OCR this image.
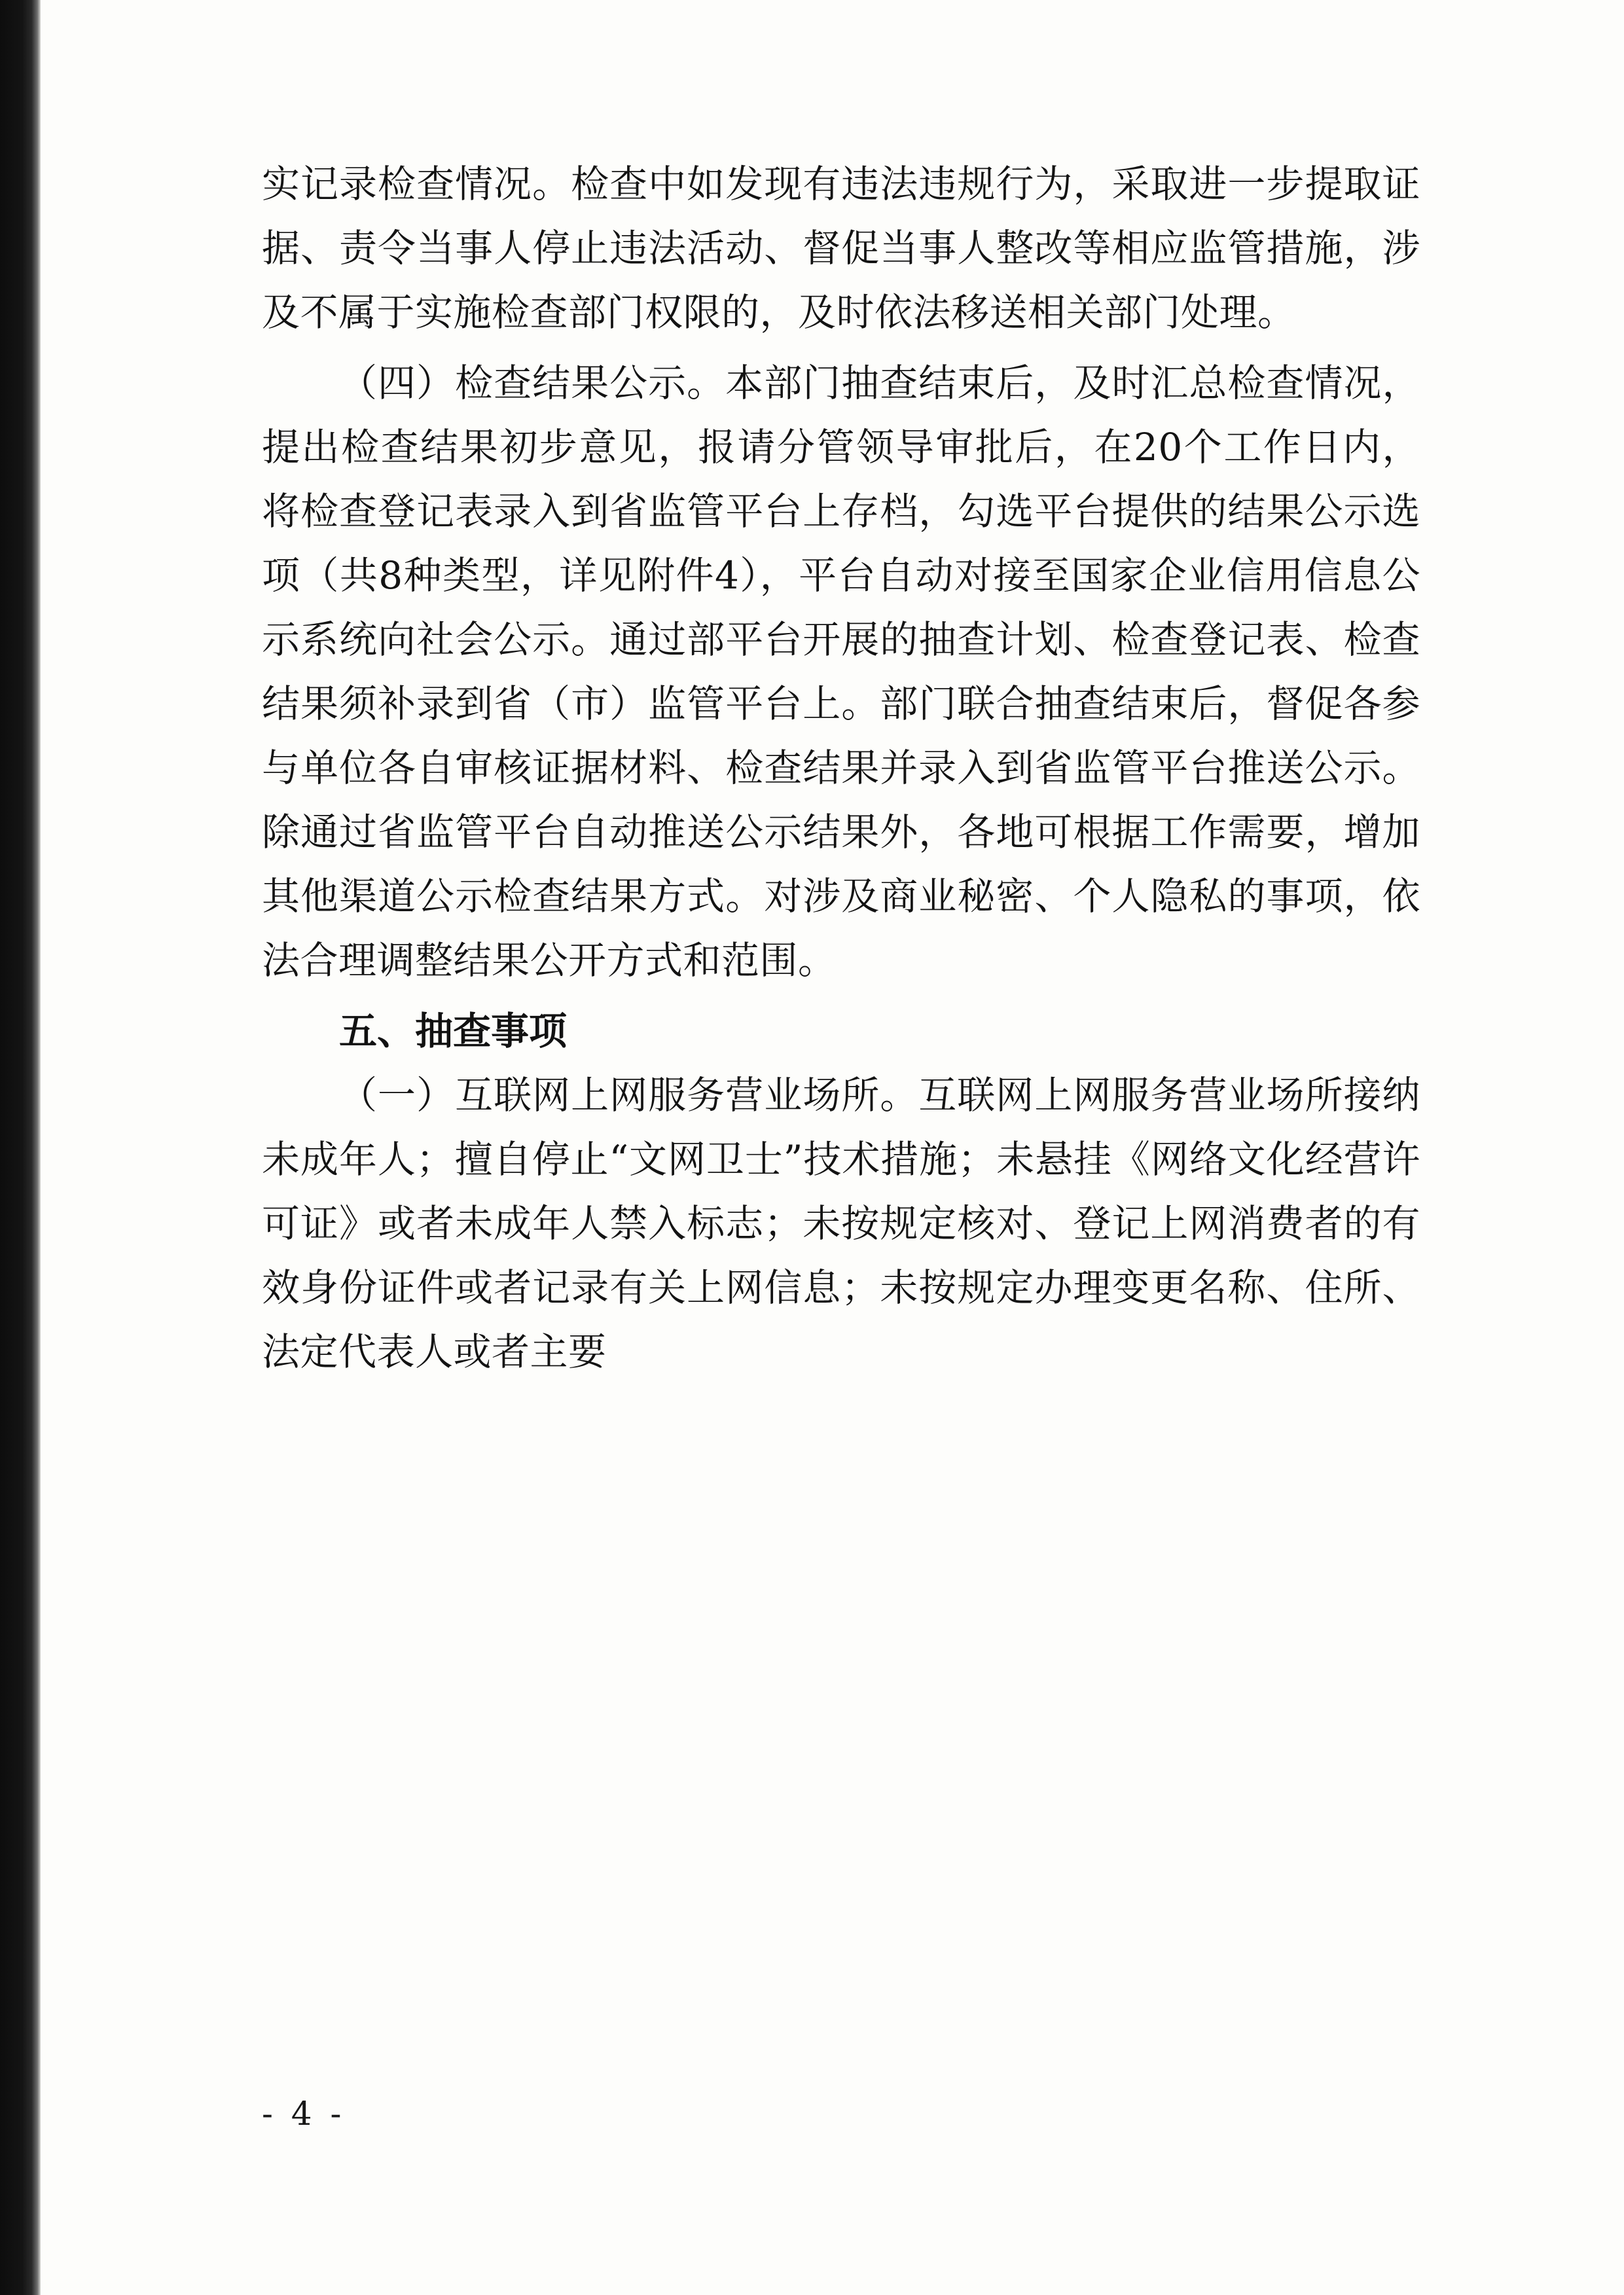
实记录检查情况。检查中如发现有违法违规行为，采取进一步提取证据、责令当事人停止违法活动、督促当事人整改等相应监管措施，涉及不属于实施检查部门权限的，及时依法移送相关部门处理。

（四）检查结果公示。本部门抽查结束后，及时汇总检查情况，提出检查结果初步意见，报请分管领导审批后，在20个工作日内，将检查登记表录入到省监管平台上存档，勾选平台提供的结果公示选项（共8种类型，详见附件4），平台自动对接至国家企业信用信息公示系统向社会公示。通过部平台开展的抽查计划、检查登记表、检查结果须补录到省（市）监管平台上。部门联合抽查结束后，督促各参与单位各自审核证据材料、检查结果并录入到省监管平台推送公示。除通过省监管平台自动推送公示结果外，各地可根据工作需要，增加其他渠道公示检查结果方式。对涉及商业秘密、个人隐私的事项，依法合理调整结果公开方式和范围。

五、抽查事项

（一）互联网上网服务营业场所。互联网上网服务营业场所接纳未成年人；擅自停止“文网卫士”技术措施；未悬挂《网络文化经营许可证》或者未成年人禁入标志；未按规定核对、登记上网消费者的有效身份证件或者记录有关上网信息；未按规定办理变更名称、住所、法定代表人或者主要

- 4 -
